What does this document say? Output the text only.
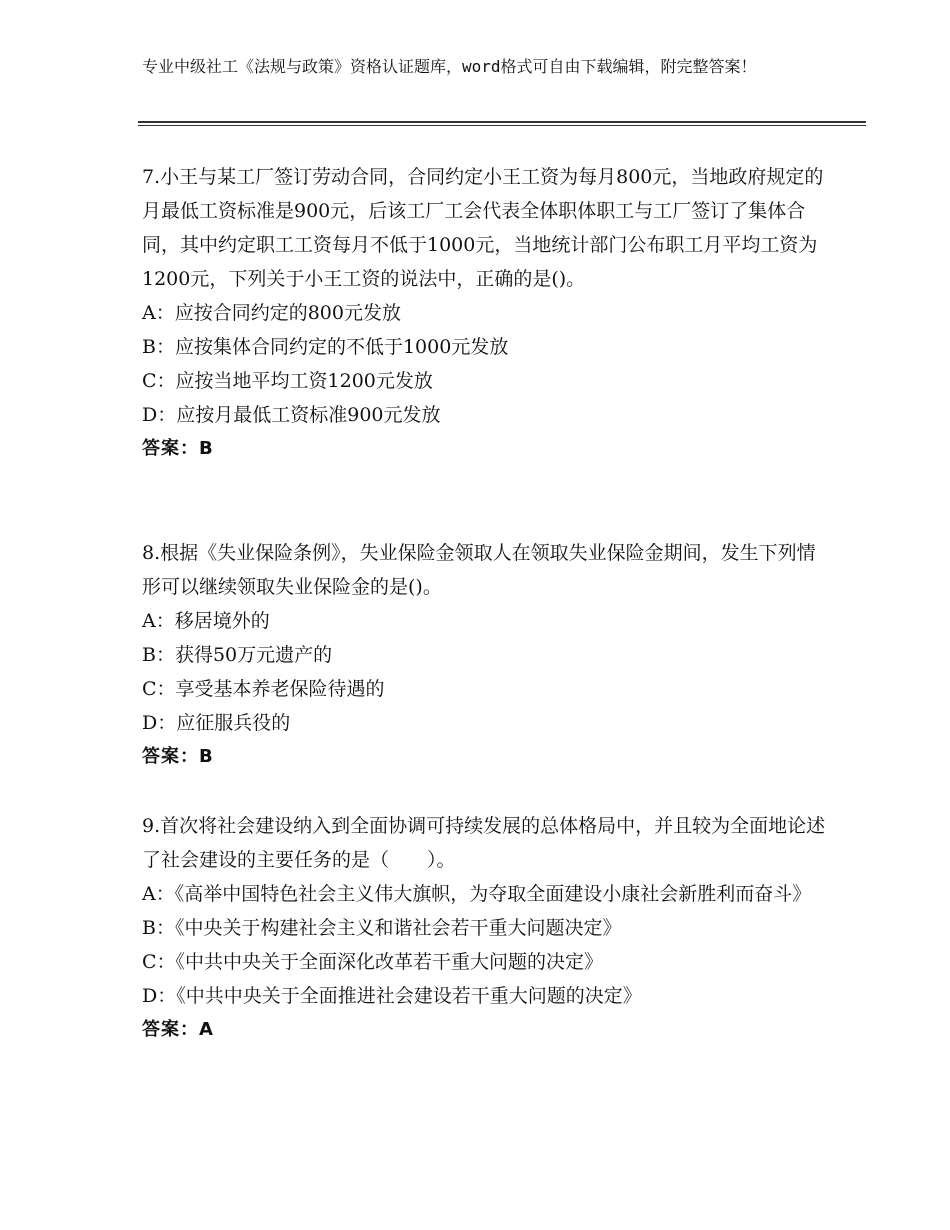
专业中级社工《法规与政策》资格认证题库，word格式可自由下载编辑，附完整答案！

7.小王与某工厂签订劳动合同，合同约定小王工资为每月800元，当地政府规定的月最低工资标准是900元，后该工厂工会代表全体职体职工与工厂签订了集体合同，其中约定职工工资每月不低于1000元，当地统计部门公布职工月平均工资为1200元，下列关于小王工资的说法中，正确的是()。

A：应按合同约定的800元发放

B：应按集体合同约定的不低于1000元发放

C：应按当地平均工资1200元发放

D：应按月最低工资标准900元发放

答案：B

8.根据《失业保险条例》，失业保险金领取人在领取失业保险金期间，发生下列情形可以继续领取失业保险金的是()。

A：移居境外的

B：获得50万元遗产的

C：享受基本养老保险待遇的

D：应征服兵役的

答案：B

9.首次将社会建设纳入到全面协调可持续发展的总体格局中，并且较为全面地论述了社会建设的主要任务的是（　　）。

A：《高举中国特色社会主义伟大旗帜，为夺取全面建设小康社会新胜利而奋斗》

B：《中央关于构建社会主义和谐社会若干重大问题决定》

C：《中共中央关于全面深化改革若干重大问题的决定》

D：《中共中央关于全面推进社会建设若干重大问题的决定》

答案：A
